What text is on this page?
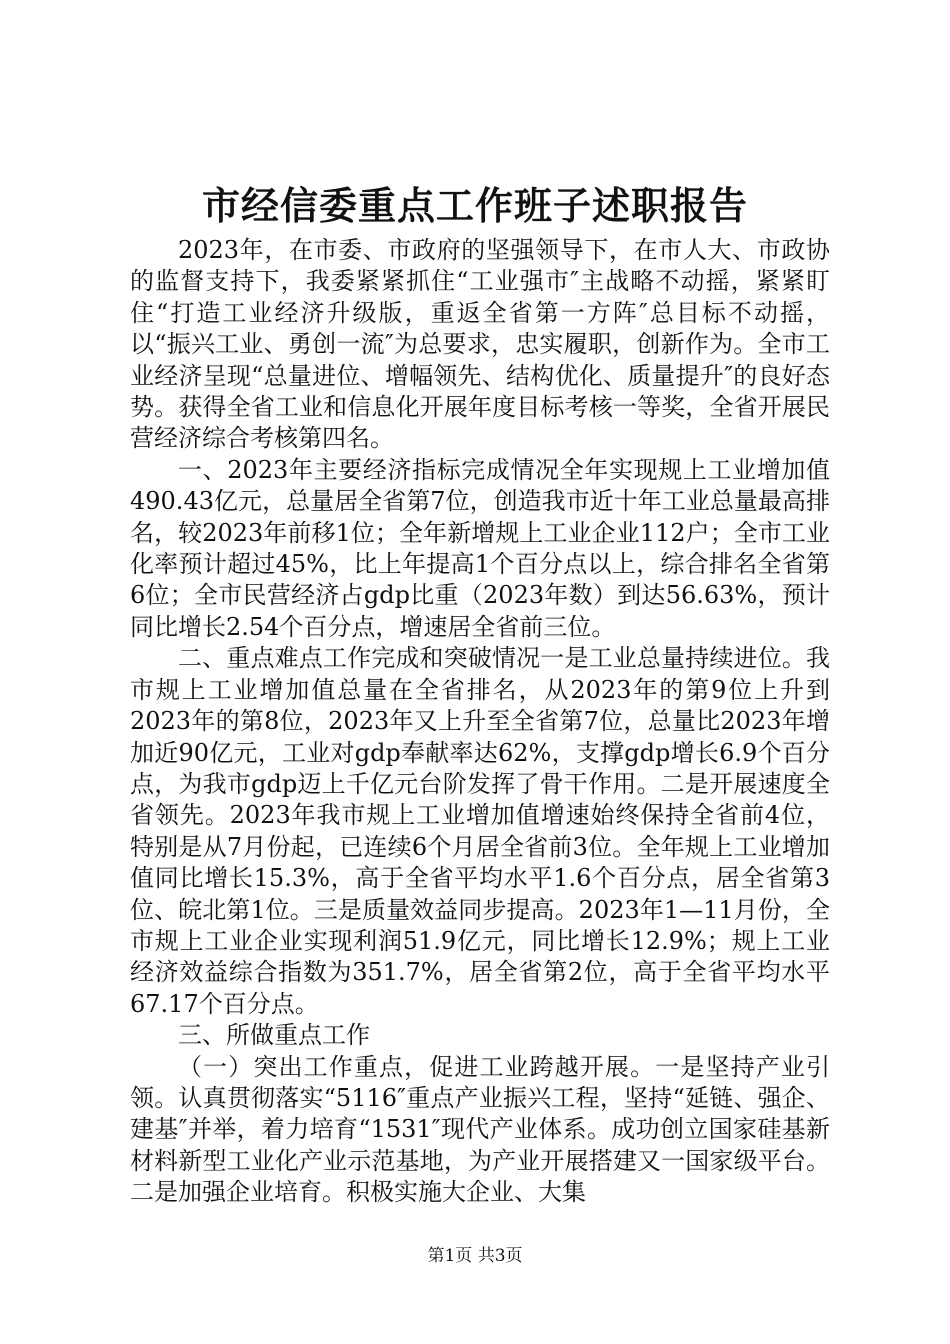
市经信委重点工作班子述职报告

2023年，在市委、市政府的坚强领导下，在市人大、市政协的监督支持下，我委紧紧抓住“工业强市″主战略不动摇，紧紧盯住“打造工业经济升级版，重返全省第一方阵″总目标不动摇，以“振兴工业、勇创一流″为总要求，忠实履职，创新作为。全市工业经济呈现“总量进位、增幅领先、结构优化、质量提升″的良好态势。获得全省工业和信息化开展年度目标考核一等奖，全省开展民营经济综合考核第四名。

一、2023年主要经济指标完成情况全年实现规上工业增加值490.43亿元，总量居全省第7位，创造我市近十年工业总量最高排名，较2023年前移1位；全年新增规上工业企业112户；全市工业化率预计超过45%，比上年提高1个百分点以上，综合排名全省第6位；全市民营经济占gdp比重（2023年数）到达56.63%，预计同比增长2.54个百分点，增速居全省前三位。

二、重点难点工作完成和突破情况一是工业总量持续进位。我市规上工业增加值总量在全省排名，从2023年的第9位上升到2023年的第8位，2023年又上升至全省第7位，总量比2023年增加近90亿元，工业对gdp奉献率达62%，支撑gdp增长6.9个百分点，为我市gdp迈上千亿元台阶发挥了骨干作用。二是开展速度全省领先。2023年我市规上工业增加值增速始终保持全省前4位，特别是从7月份起，已连续6个月居全省前3位。全年规上工业增加值同比增长15.3%，高于全省平均水平1.6个百分点，居全省第3位、皖北第1位。三是质量效益同步提高。2023年1—11月份，全市规上工业企业实现利润51.9亿元，同比增长12.9%；规上工业经济效益综合指数为351.7%，居全省第2位，高于全省平均水平67.17个百分点。

三、所做重点工作

（一）突出工作重点，促进工业跨越开展。一是坚持产业引领。认真贯彻落实“5116″重点产业振兴工程，坚持“延链、强企、建基″并举，着力培育“1531″现代产业体系。成功创立国家硅基新材料新型工业化产业示范基地，为产业开展搭建又一国家级平台。二是加强企业培育。积极实施大企业、大集

第1页 共3页
